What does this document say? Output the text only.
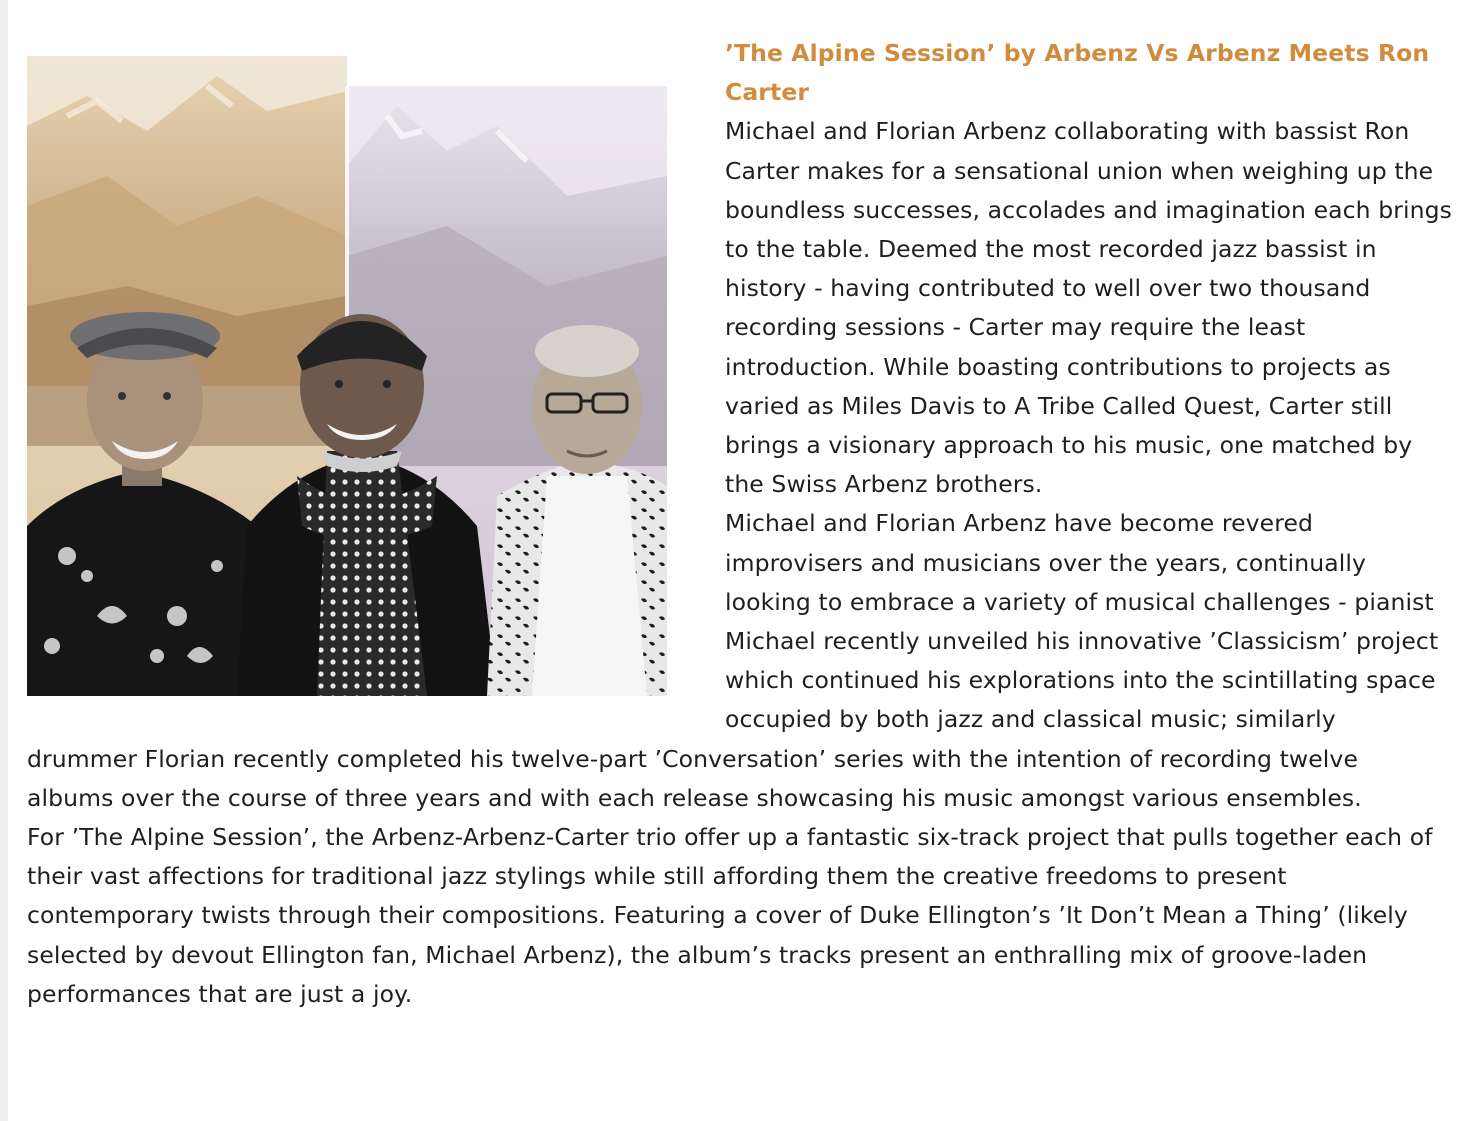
’The Alpine Session’ by Arbenz Vs Arbenz Meets Ron Carter

Michael and Florian Arbenz collaborating with bassist Ron Carter makes for a sensational union when weighing up the boundless successes, accolades and imagination each brings to the table. Deemed the most recorded jazz bassist in history - having contributed to well over two thousand recording sessions - Carter may require the least introduction. While boasting contributions to projects as varied as Miles Davis to A Tribe Called Quest, Carter still brings a visionary approach to his music, one matched by the Swiss Arbenz brothers.

Michael and Florian Arbenz have become revered improvisers and musicians over the years, continually looking to embrace a variety of musical challenges - pianist Michael recently unveiled his innovative ’Classicism’ project which continued his explorations into the scintillating space occupied by both jazz and classical music; similarly drummer Florian recently completed his twelve-part ’Conversation’ series with the intention of recording twelve albums over the course of three years and with each release showcasing his music amongst various ensembles.

For ’The Alpine Session’, the Arbenz-Arbenz-Carter trio offer up a fantastic six-track project that pulls together each of their vast affections for traditional jazz stylings while still affording them the creative freedoms to present contemporary twists through their compositions. Featuring a cover of Duke Ellington’s ’It Don’t Mean a Thing’ (likely selected by devout Ellington fan, Michael Arbenz), the album’s tracks present an enthralling mix of groove-laden performances that are just a joy.
